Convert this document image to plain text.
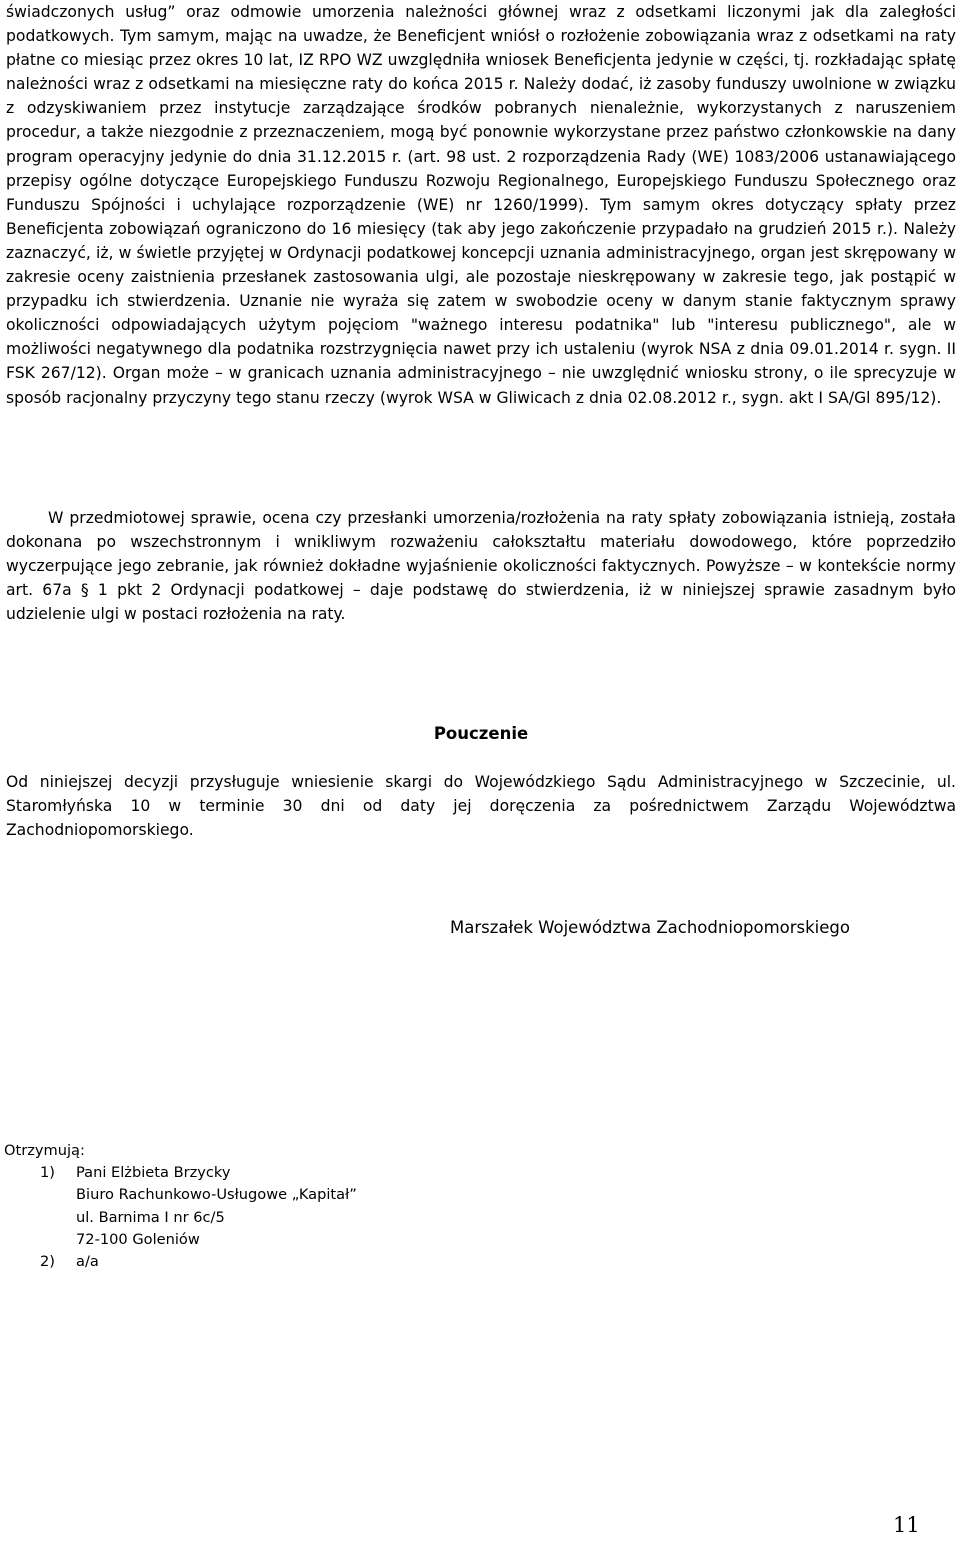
świadczonych usług” oraz odmowie umorzenia należności głównej wraz z odsetkami liczonymi jak dla zaległości podatkowych. Tym samym, mając na uwadze, że Beneficjent wniósł o rozłożenie zobowiązania wraz z odsetkami na raty płatne co miesiąc przez okres 10 lat, IZ RPO WZ uwzględniła wniosek Beneficjenta jedynie w części, tj. rozkładając spłatę należności wraz z odsetkami na miesięczne raty do końca 2015 r. Należy dodać, iż zasoby funduszy uwolnione w związku z odzyskiwaniem przez instytucje zarządzające środków pobranych nienależnie, wykorzystanych z naruszeniem procedur, a także niezgodnie z przeznaczeniem, mogą być ponownie wykorzystane przez państwo członkowskie na dany program operacyjny jedynie do dnia 31.12.2015 r. (art. 98 ust. 2 rozporządzenia Rady (WE) 1083/2006 ustanawiającego przepisy ogólne dotyczące Europejskiego Funduszu Rozwoju Regionalnego, Europejskiego Funduszu Społecznego oraz Funduszu Spójności i uchylające rozporządzenie (WE) nr 1260/1999). Tym samym okres dotyczący spłaty przez Beneficjenta zobowiązań ograniczono do 16 miesięcy (tak aby jego zakończenie przypadało na grudzień 2015 r.). Należy zaznaczyć, iż, w świetle przyjętej w Ordynacji podatkowej koncepcji uznania administracyjnego, organ jest skrępowany w zakresie oceny zaistnienia przesłanek zastosowania ulgi, ale pozostaje nieskrępowany w zakresie tego, jak postąpić w przypadku ich stwierdzenia. Uznanie nie wyraża się zatem w swobodzie oceny w danym stanie faktycznym sprawy okoliczności odpowiadających użytym pojęciom "ważnego interesu podatnika" lub "interesu publicznego", ale w możliwości negatywnego dla podatnika rozstrzygnięcia nawet przy ich ustaleniu (wyrok NSA z dnia 09.01.2014 r. sygn. II FSK 267/12). Organ może – w granicach uznania administracyjnego – nie uwzględnić wniosku strony, o ile sprecyzuje w sposób racjonalny przyczyny tego stanu rzeczy (wyrok WSA w Gliwicach z dnia 02.08.2012 r., sygn. akt I SA/Gl 895/12).

W przedmiotowej sprawie, ocena czy przesłanki umorzenia/rozłożenia na raty spłaty zobowiązania istnieją, została dokonana po wszechstronnym i wnikliwym rozważeniu całokształtu materiału dowodowego, które poprzedziło wyczerpujące jego zebranie, jak również dokładne wyjaśnienie okoliczności faktycznych. Powyższe – w kontekście normy art. 67a § 1 pkt 2 Ordynacji podatkowej – daje podstawę do stwierdzenia, iż w niniejszej sprawie zasadnym było udzielenie ulgi w postaci rozłożenia na raty.

Pouczenie

Od niniejszej decyzji przysługuje wniesienie skargi do Wojewódzkiego Sądu Administracyjnego w Szczecinie, ul. Staromłyńska 10 w terminie 30 dni od daty jej doręczenia za pośrednictwem Zarządu Województwa Zachodniopomorskiego.

Marszałek Województwa Zachodniopomorskiego
Otrzymują:
1)	Pani Elżbieta Brzycky
Biuro Rachunkowo-Usługowe „Kapitał”
ul. Barnima I nr 6c/5
72-100 Goleniów
2)	a/a
11
